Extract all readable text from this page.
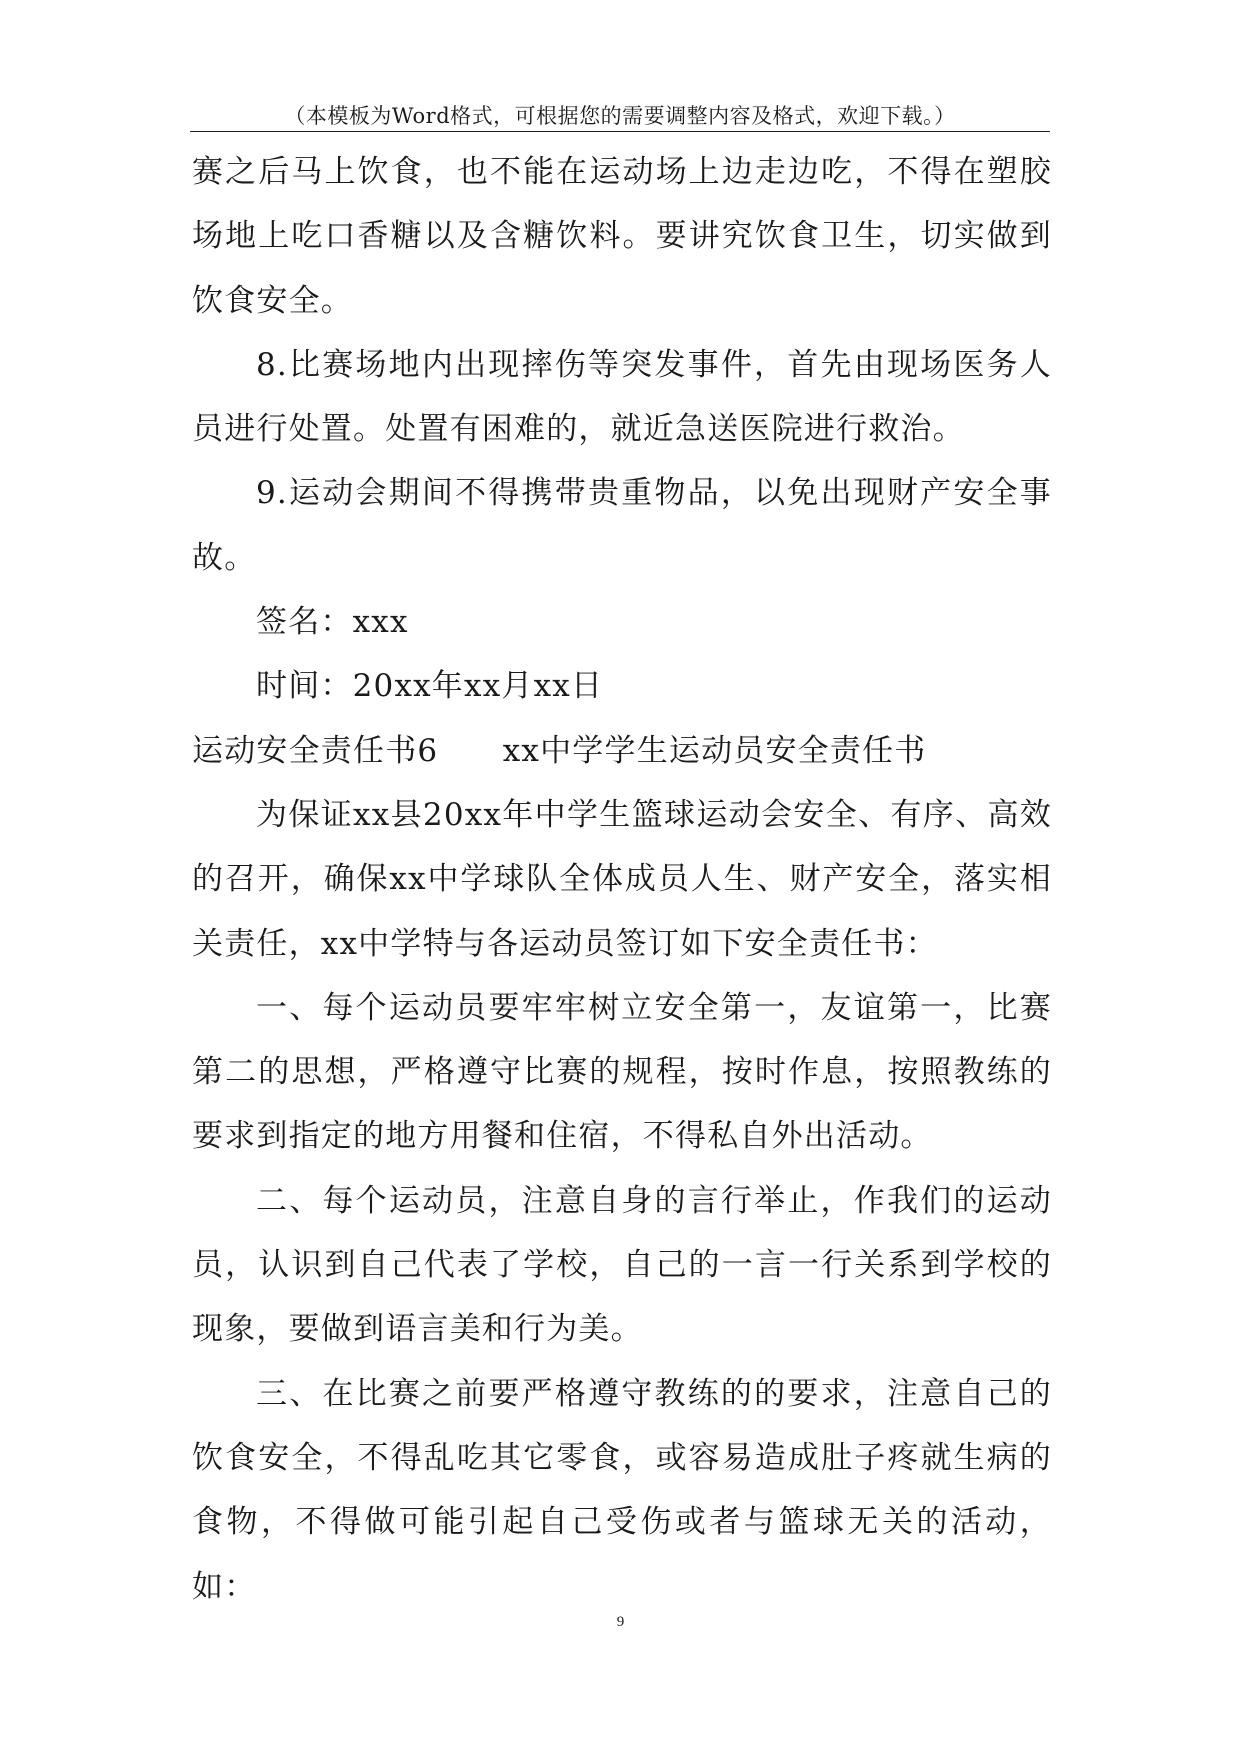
（本模板为Word格式，可根据您的需要调整内容及格式，欢迎下载。）

赛之后马上饮食，也不能在运动场上边走边吃，不得在塑胶场地上吃口香糖以及含糖饮料。要讲究饮食卫生，切实做到饮食安全。

8.比赛场地内出现摔伤等突发事件，首先由现场医务人员进行处置。处置有困难的，就近急送医院进行救治。

9.运动会期间不得携带贵重物品，以免出现财产安全事故。

签名：xxx

时间：20xx年xx月xx日

运动安全责任书6　　xx中学学生运动员安全责任书

为保证xx县20xx年中学生篮球运动会安全、有序、高效的召开，确保xx中学球队全体成员人生、财产安全，落实相关责任，xx中学特与各运动员签订如下安全责任书：

一、每个运动员要牢牢树立安全第一，友谊第一，比赛第二的思想，严格遵守比赛的规程，按时作息，按照教练的要求到指定的地方用餐和住宿，不得私自外出活动。

二、每个运动员，注意自身的言行举止，作我们的运动员，认识到自己代表了学校，自己的一言一行关系到学校的现象，要做到语言美和行为美。

三、在比赛之前要严格遵守教练的的要求，注意自己的饮食安全，不得乱吃其它零食，或容易造成肚子疼就生病的食物，不得做可能引起自己受伤或者与篮球无关的活动，如：

9
